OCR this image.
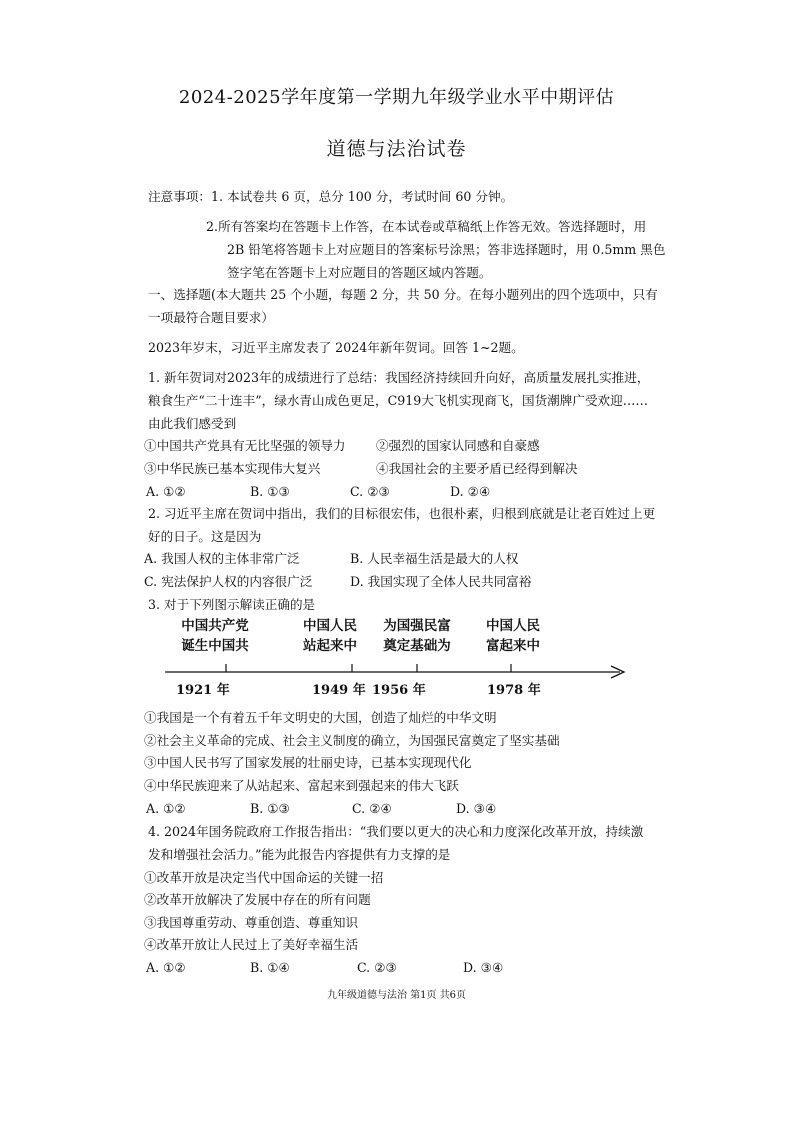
2024-2025学年度第一学期九年级学业水平中期评估
道德与法治试卷
注意事项：1. 本试卷共 6 页，总分 100 分，考试时间 60 分钟。
2.所有答案均在答题卡上作答，在本试卷或草稿纸上作答无效。答选择题时，用
2B 铅笔将答题卡上对应题目的答案标号涂黑；答非选择题时，用 0.5mm 黑色
签字笔在答题卡上对应题目的答题区域内答题。
一、选择题(本大题共 25 个小题，每题 2 分，共 50 分。在每小题列出的四个选项中，只有
一项最符合题目要求）
2023年岁末，习近平主席发表了 2024年新年贺词。回答 1~2题。
1. 新年贺词对2023年的成绩进行了总结：我国经济持续回升向好，高质量发展扎实推进，
粮食生产“二十连丰”，绿水青山成色更足，C919大飞机实现商飞，国货潮牌广受欢迎……
由此我们感受到
①中国共产党具有无比坚强的领导力 ②强烈的国家认同感和自豪感
③中华民族已基本实现伟大复兴	④我国社会的主要矛盾已经得到解决
A. ①②	B. ①③	C. ②③	D. ②④
2. 习近平主席在贺词中指出，我们的目标很宏伟，也很朴素，归根到底就是让老百姓过上更
好的日子。这是因为
A. 我国人权的主体非常广泛	B. 人民幸福生活是最大的人权
C. 宪法保护人权的内容很广泛	D. 我国实现了全体人民共同富裕
3. 对于下列图示解读正确的是
中国共产党
诞生中国共
中国人民
站起来中
为国强民富
奠定基础为
中国人民
富起来中
1921 年	1949 年 1956 年	1978 年
①我国是一个有着五千年文明史的大国，创造了灿烂的中华文明
②社会主义革命的完成、社会主义制度的确立，为国强民富奠定了坚实基础
③中国人民书写了国家发展的壮丽史诗，已基本实现现代化
④中华民族迎来了从站起来、富起来到强起来的伟大飞跃
A. ①②	B. ①③	C. ②④	D. ③④
4. 2024年国务院政府工作报告指出：“我们要以更大的决心和力度深化改革开放，持续激
发和增强社会活力。”能为此报告内容提供有力支撑的是
①改革开放是决定当代中国命运的关键一招
②改革开放解决了发展中存在的所有问题
③我国尊重劳动、尊重创造、尊重知识
④改革开放让人民过上了美好幸福生活
A. ①②	B. ①④	C. ②③	D. ③④
九年级道德与法治 第1页 共6页
